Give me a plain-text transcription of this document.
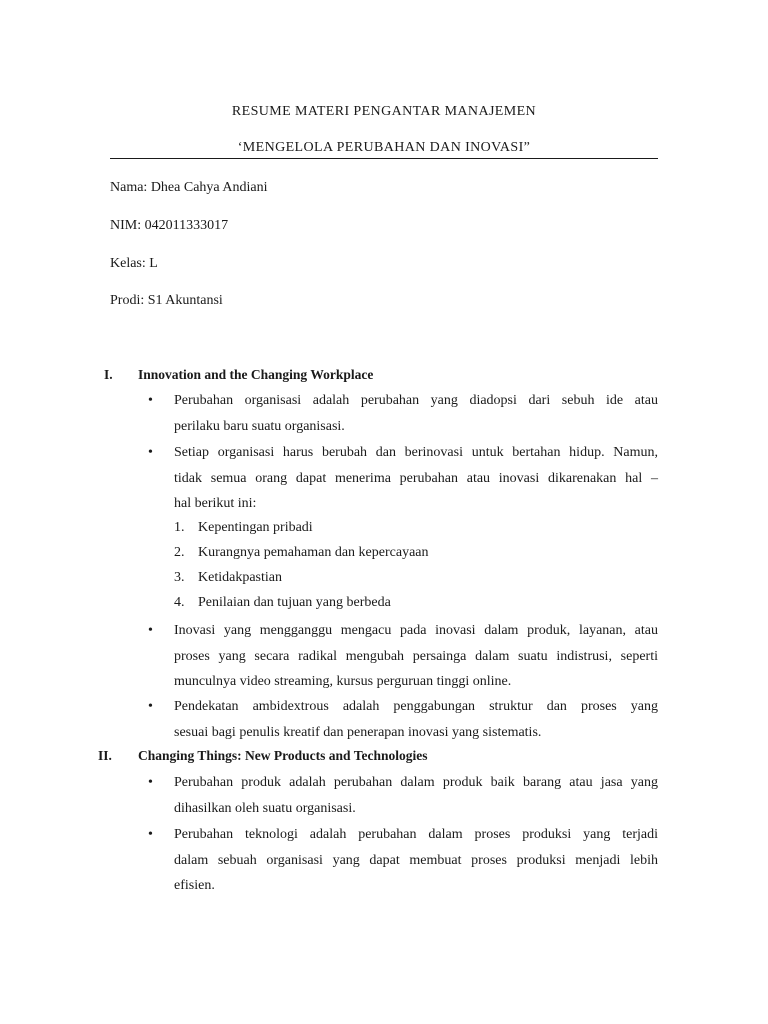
RESUME MATERI PENGANTAR MANAJEMEN
‘MENGELOLA PERUBAHAN DAN INOVASI”
Nama: Dhea Cahya Andiani
NIM: 042011333017
Kelas: L
Prodi: S1 Akuntansi
I. Innovation and the Changing Workplace
• Perubahan organisasi adalah perubahan yang diadopsi dari sebuh ide atau
perilaku baru suatu organisasi.
• Setiap organisasi harus berubah dan berinovasi untuk bertahan hidup. Namun,
tidak semua orang dapat menerima perubahan atau inovasi dikarenakan hal –
hal berikut ini:
1. Kepentingan pribadi
2. Kurangnya pemahaman dan kepercayaan
3. Ketidakpastian
4. Penilaian dan tujuan yang berbeda
• Inovasi yang mengganggu mengacu pada inovasi dalam produk, layanan, atau
proses yang secara radikal mengubah persainga dalam suatu indistrusi, seperti
munculnya video streaming, kursus perguruan tinggi online.
• Pendekatan ambidextrous adalah penggabungan struktur dan proses yang
sesuai bagi penulis kreatif dan penerapan inovasi yang sistematis.
II. Changing Things: New Products and Technologies
• Perubahan produk adalah perubahan dalam produk baik barang atau jasa yang
dihasilkan oleh suatu organisasi.
• Perubahan teknologi adalah perubahan dalam proses produksi yang terjadi
dalam sebuah organisasi yang dapat membuat proses produksi menjadi lebih
efisien.
